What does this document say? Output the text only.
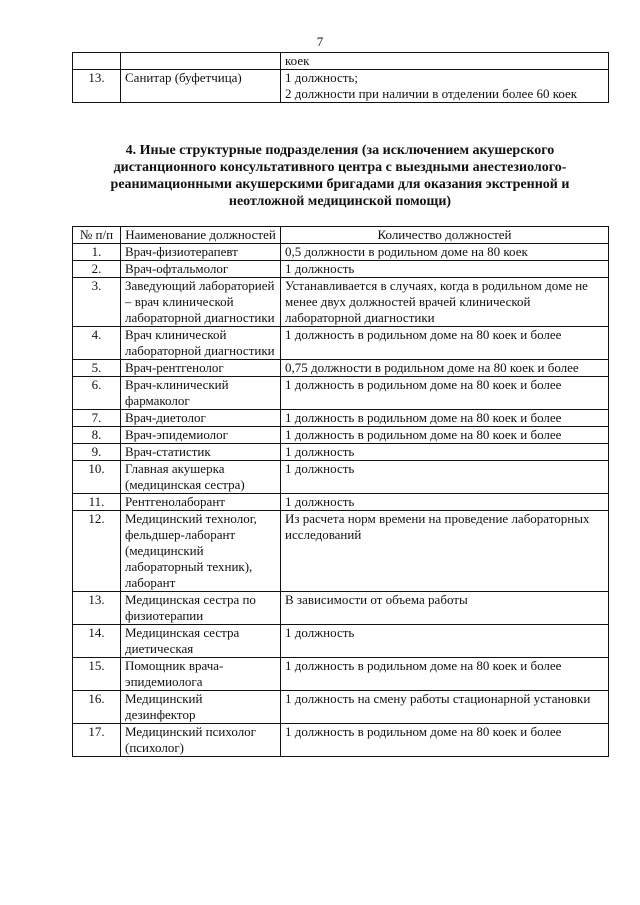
7
		коек
13.	Санитар (буфетчица)	1 должность;
2 должности при наличии в отделении более 60 коек
4. Иные структурные подразделения (за исключением акушерского дистанционного консультативного центра с выездными анестезиолого-реанимационными акушерскими бригадами для оказания экстренной и неотложной медицинской помощи)
№ п/п	Наименование должностей	Количество должностей
1.	Врач-физиотерапевт	0,5 должности в родильном доме на 80 коек
2.	Врач-офтальмолог	1 должность
3.	Заведующий лабораторией – врач клинической лабораторной диагностики	Устанавливается в случаях, когда в родильном доме не менее двух должностей врачей клинической лабораторной диагностики
4.	Врач клинической лабораторной диагностики	1 должность в родильном доме на 80 коек и более
5.	Врач-рентгенолог	0,75 должности в родильном доме на 80 коек и более
6.	Врач-клинический фармаколог	1 должность в родильном доме на 80 коек и более
7.	Врач-диетолог	1 должность в родильном доме на 80 коек и более
8.	Врач-эпидемиолог	1 должность в родильном доме на 80 коек и более
9.	Врач-статистик	1 должность
10.	Главная акушерка (медицинская сестра)	1 должность
11.	Рентгенолаборант	1 должность
12.	Медицинский технолог, фельдшер-лаборант (медицинский лабораторный техник), лаборант	Из расчета норм времени на проведение лабораторных исследований
13.	Медицинская сестра по физиотерапии	В зависимости от объема работы
14.	Медицинская сестра диетическая	1 должность
15.	Помощник врача-эпидемиолога	1 должность в родильном доме на 80 коек и более
16.	Медицинский дезинфектор	1 должность на смену работы стационарной установки
17.	Медицинский психолог (психолог)	1 должность в родильном доме на 80 коек и более
